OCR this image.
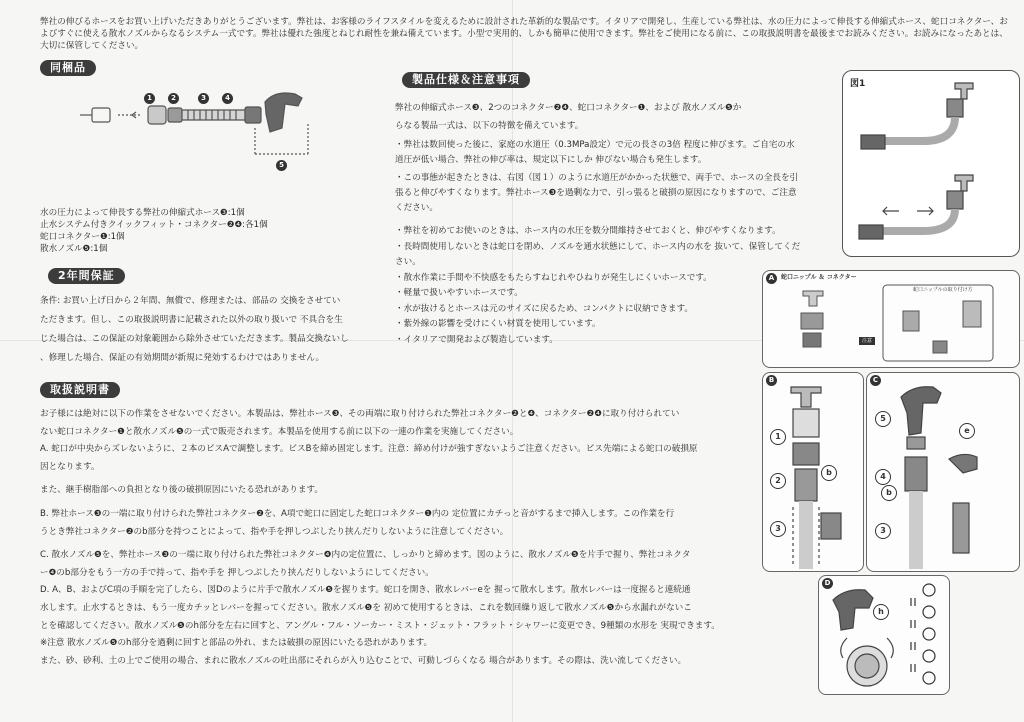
弊社の伸びるホースをお買い上げいただきありがとうございます。弊社は、お客様のライフスタイルを変えるために設計された革新的な製品です。イタリアで開発し、生産している弊社は、水の圧力によって伸長する伸縮式ホース、蛇口コネクター、およびすぐに使える散水ノズルからなるシステム一式です。弊社は優れた強度とねじれ耐性を兼ね備えています。小型で実用的、しかも簡単に使用できます。弊社をご使用になる前に、この取扱説明書を最後までお読みください。お読みになったあとは、大切に保管してください。
同梱品
1	2	3	4
5
水の圧力によって伸長する弊社の伸縮式ホース❸:1個
止水システム付きクイックフィット・コネクター❷❹:各1個
蛇口コネクター❶:1個
散水ノズル❺:1個
2年間保証
条件: お買い上げ日から２年間、無償で、修理または、部品の 交換をさせてい
ただきます。但し、この取扱説明書に記載された以外の取り扱いで 不具合を生
じた場合は、この保証の対象範囲から除外させていただきます。製品交換ないし
、修理した場合、保証の有効期間が新規に発効するわけではありません。
製品仕様＆注意事項
弊社の伸縮式ホース❸、2つのコネクター❷❹、蛇口コネクター❶、および 散水ノズル❺か
らなる製品一式は、以下の特徴を備えています。
・弊社は数回使った後に、家庭の水道圧（0.3MPa設定）で元の長さの3倍 程度に伸びます。ご自宅の水
道圧が低い場合、弊社の伸び率は、規定以下にしか 伸びない場合も発生します。
・この事態が起きたときは、右図（図１）のように水道圧がかかった状態で、両手で、ホースの全長を引
張ると伸びやすくなります。弊社ホース❸を過剰な力で、引っ張ると破損の原因になりますので、ご注意
ください。
・弊社を初めてお使いのときは、ホース内の水圧を数分間維持させておくと、伸びやすくなります。
・長時間使用しないときは蛇口を閉め、ノズルを通水状態にして、ホース内の水を 抜いて、保管してくだ
さい。
・散水作業に手間や不快感をもたらすねじれやひねりが発生しにくいホースです。
・軽量で扱いやすいホースです。
・水が抜けるとホースは元のサイズに戻るため、コンパクトに収納できます。
・紫外線の影響を受けにくい材質を使用しています。
・イタリアで開発および製造しています。
取扱説明書
お子様には絶対に以下の作業をさせないでください。本製品は、弊社ホース❸、その両端に取り付けられた弊社コネクター❷と❹、コネクター❷❹に取り付けられてい
ない蛇口コネクター❶と散水ノズル❺の一式で販売されます。本製品を使用する前に以下の一連の作業を実施してください。
A. 蛇口が中央からズレないように、２本のビスAで調整します。ビスBを締め固定します。注意：締め付けが強すぎないようご注意ください。ビス先端による蛇口の破損原
因となります。
また、継手樹脂部への負担となり後の破損原因にいたる恐れがあります。
B. 弊社ホース❸の一端に取り付けられた弊社コネクター❷を、A項で蛇口に固定した蛇口コネクター❶内の 定位置にカチっと音がするまで挿入します。この作業を行
うとき弊社コネクター❷のb部分を持つことによって、指や手を押しつぶしたり挟んだりしないように注意してください。
C. 散水ノズル❺を、弊社ホース❸の一端に取り付けられた弊社コネクター❹内の定位置に、しっかりと締めます。図のように、散水ノズル❺を片手で握り、弊社コネクタ
ー❹のb部分をもう一方の手で持って、指や手を 押しつぶしたり挟んだりしないようにしてください。
D. A、B、およびC項の手順を完了したら、図Dのように片手で散水ノズル❺を握ります。蛇口を開き、散水レバーeを 握って散水します。散水レバーは一度握ると連続通
水します。止水するときは、もう一度カチッとレバーを握ってください。散水ノズル❺を 初めて使用するときは、これを数回繰り返して散水ノズル❺から水漏れがないこ
とを確認してください。散水ノズル❺のh部分を左右に回すと、アングル・フル・ソーカー・ミスト・ジェット・フラット・シャワーに変更でき、9種類の水形を 実現できます。
※注意 散水ノズル❺のh部分を過剰に回すと部品の外れ、または破損の原因にいたる恐れがあります。
また、砂、砂利、土の上でご使用の場合、まれに散水ノズルの吐出部にそれらが入り込むことで、可動しづらくなる 場合があります。その際は、洗い流してください。
図1
A	蛇口ニップル ＆ コネクター
蛇口ニップルの取り付け方
注意
B
1
2
3
b
C
5
4
3
b
e
D
h
